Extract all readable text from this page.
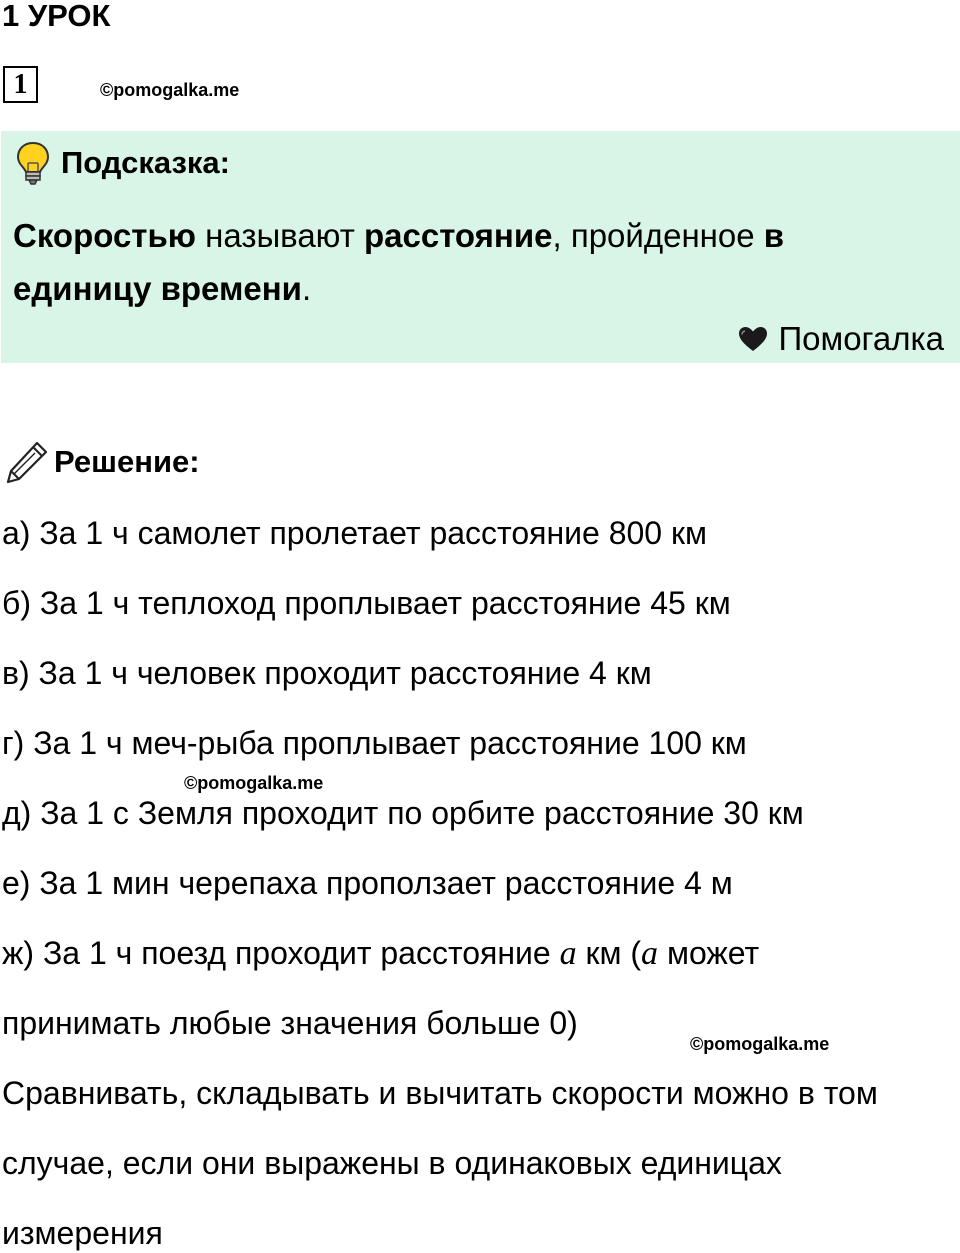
1 УРОК
1	©pomogalka.me
Подсказка:

Скоростью называют расстояние, пройденное в единицу времени.

Помогалка
Решение:

а) За 1 ч самолет пролетает расстояние 800 км

б) За 1 ч теплоход проплывает расстояние 45 км

в) За 1 ч человек проходит расстояние 4 км

г) За 1 ч меч-рыба проплывает расстояние 100 км

©pomogalka.me

д) За 1 с Земля проходит по орбите расстояние 30 км

е) За 1 мин черепаха проползает расстояние 4 м

ж) За 1 ч поезд проходит расстояние a км (a может

принимать любые значения больше 0)

©pomogalka.me

Сравнивать, складывать и вычитать скорости можно в том

случае, если они выражены в одинаковых единицах

измерения
